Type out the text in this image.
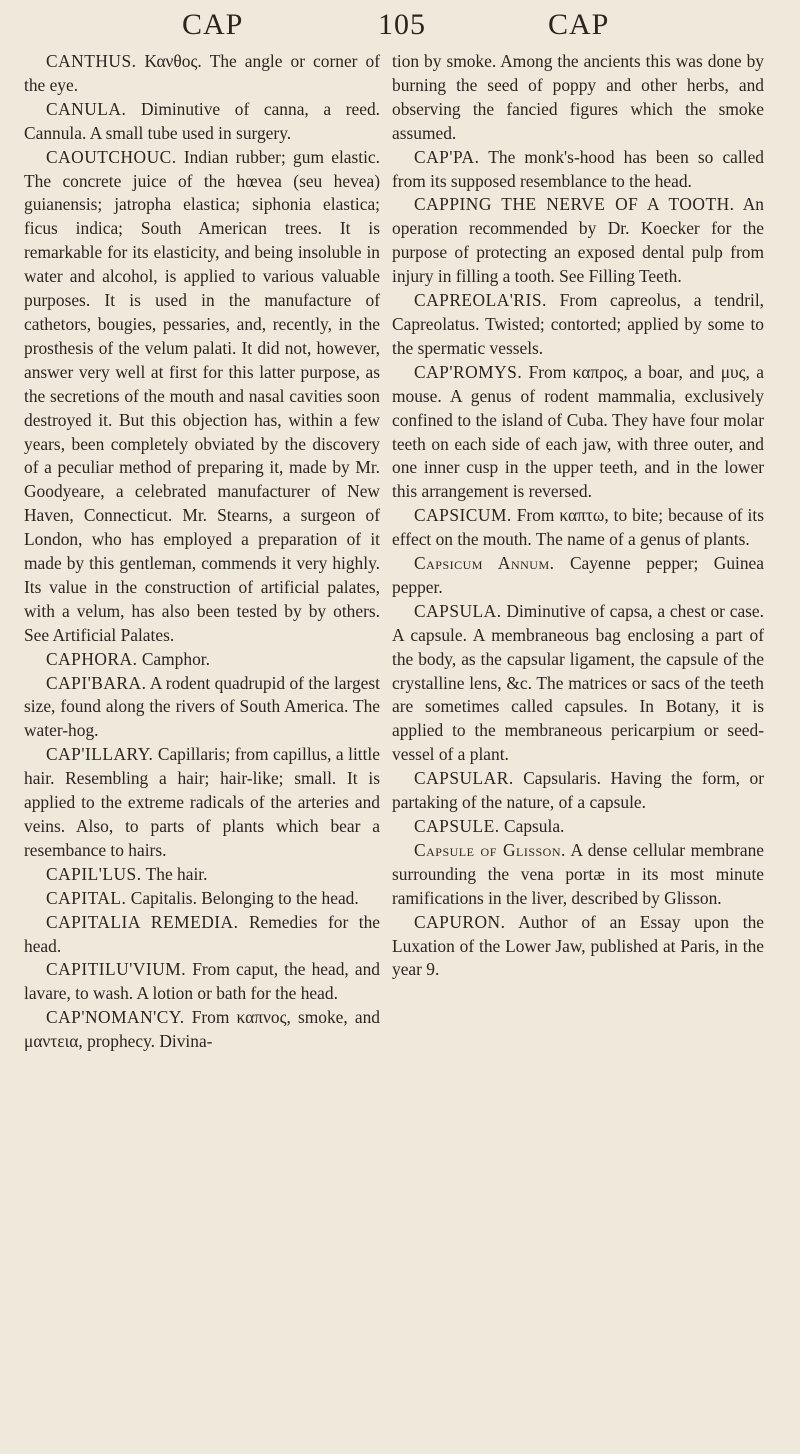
CAP	105	CAP

CANTHUS. Κανθος. The angle or corner of the eye.

CANULA. Diminutive of canna, a reed. Cannula. A small tube used in surgery.

CAOUTCHOUC. Indian rubber; gum elastic. The concrete juice of the hœvea (seu hevea) guianensis; jatropha elastica; siphonia elastica; ficus indica; South American trees. It is remarkable for its elasticity, and being insoluble in water and alcohol, is applied to various valuable purposes. It is used in the manufacture of cathetors, bougies, pessaries, and, recently, in the prosthesis of the velum palati. It did not, however, answer very well at first for this latter purpose, as the secretions of the mouth and nasal cavities soon destroyed it. But this objection has, within a few years, been completely obviated by the discovery of a peculiar method of preparing it, made by Mr. Goodyeare, a celebrated manufacturer of New Haven, Connecticut. Mr. Stearns, a surgeon of London, who has employed a preparation of it made by this gentleman, commends it very highly. Its value in the construction of artificial palates, with a velum, has also been tested by by others. See Artificial Palates.

CAPHORA. Camphor.

CAPI'BARA. A rodent quadrupid of the largest size, found along the rivers of South America. The water-hog.

CAP'ILLARY. Capillaris; from capillus, a little hair. Resembling a hair; hair-like; small. It is applied to the extreme radicals of the arteries and veins. Also, to parts of plants which bear a resembance to hairs.

CAPIL'LUS. The hair.

CAPITAL. Capitalis. Belonging to the head.

CAPITALIA REMEDIA. Remedies for the head.

CAPITILU'VIUM. From caput, the head, and lavare, to wash. A lotion or bath for the head.

CAP'NOMAN'CY. From καπνος, smoke, and μαντεια, prophecy. Divina-

tion by smoke. Among the ancients this was done by burning the seed of poppy and other herbs, and observing the fancied figures which the smoke assumed.

CAP'PA. The monk's-hood has been so called from its supposed resemblance to the head.

CAPPING THE NERVE OF A TOOTH. An operation recommended by Dr. Koecker for the purpose of protecting an exposed dental pulp from injury in filling a tooth. See Filling Teeth.

CAPREOLA'RIS. From capreolus, a tendril, Capreolatus. Twisted; contorted; applied by some to the spermatic vessels.

CAP'ROMYS. From καπρος, a boar, and μυς, a mouse. A genus of rodent mammalia, exclusively confined to the island of Cuba. They have four molar teeth on each side of each jaw, with three outer, and one inner cusp in the upper teeth, and in the lower this arrangement is reversed.

CAPSICUM. From καπτω, to bite; because of its effect on the mouth. The name of a genus of plants.

Capsicum Annum. Cayenne pepper; Guinea pepper.

CAPSULA. Diminutive of capsa, a chest or case. A capsule. A membraneous bag enclosing a part of the body, as the capsular ligament, the capsule of the crystalline lens, &c. The matrices or sacs of the teeth are sometimes called capsules. In Botany, it is applied to the membraneous pericarpium or seed-vessel of a plant.

CAPSULAR. Capsularis. Having the form, or partaking of the nature, of a capsule.

CAPSULE. Capsula.

Capsule of Glisson. A dense cellular membrane surrounding the vena portæ in its most minute ramifications in the liver, described by Glisson.

CAPURON. Author of an Essay upon the Luxation of the Lower Jaw, published at Paris, in the year 9.
